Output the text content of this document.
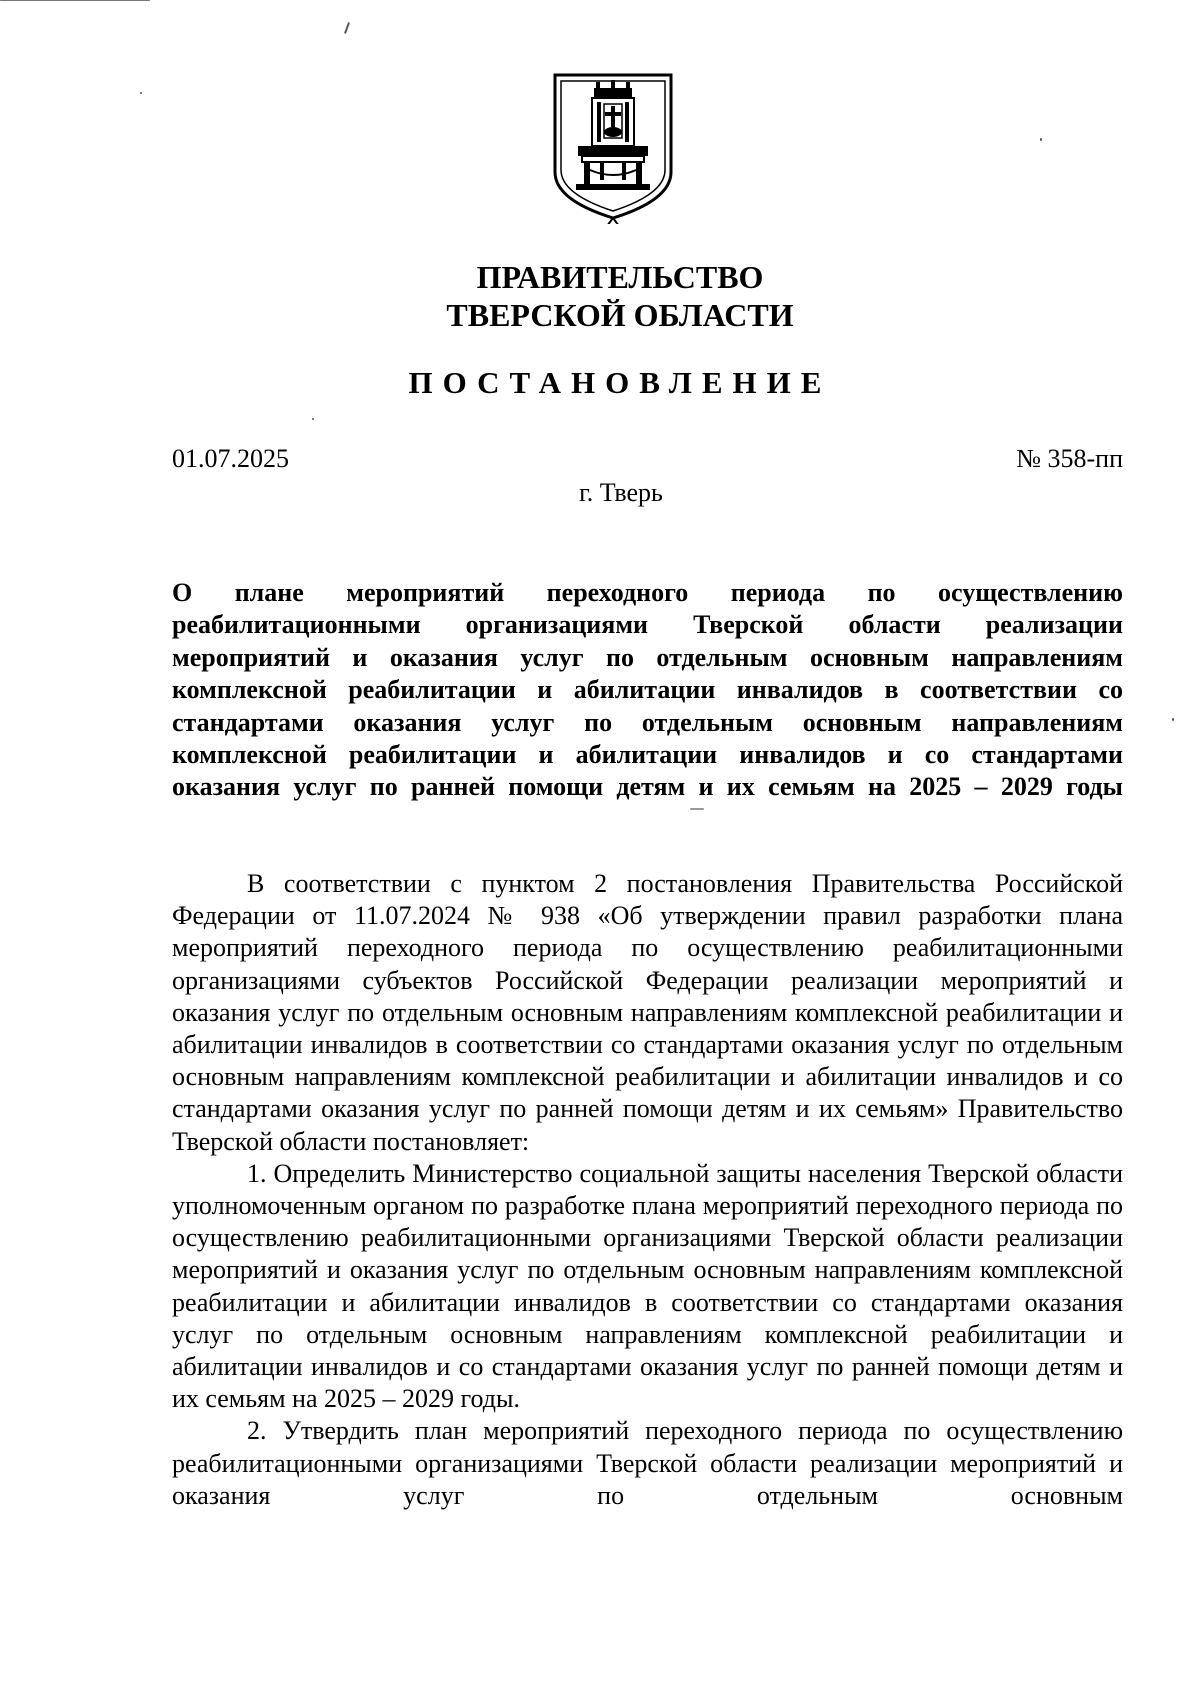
ПРАВИТЕЛЬСТВО
ТВЕРСКОЙ ОБЛАСТИ
ПОСТАНОВЛЕНИЕ
01.07.2025	№ 358-пп
г. Тверь
О плане мероприятий переходного периода по осуществлению реабилитационными организациями Тверской области реализации мероприятий и оказания услуг по отдельным основным направлениям комплексной реабилитации и абилитации инвалидов в соответствии со стандартами оказания услуг по отдельным основным направлениям комплексной реабилитации и абилитации инвалидов и со стандартами оказания услуг по ранней помощи детям и их семьям на 2025 – 2029 годы

В соответствии с пунктом 2 постановления Правительства Российской Федерации от 11.07.2024 № 938 «Об утверждении правил разработки плана мероприятий переходного периода по осуществлению реабилитационными организациями субъектов Российской Федерации реализации мероприятий и оказания услуг по отдельным основным направлениям комплексной реабилитации и абилитации инвалидов в соответствии со стандартами оказания услуг по отдельным основным направлениям комплексной реабилитации и абилитации инвалидов и со стандартами оказания услуг по ранней помощи детям и их семьям» Правительство Тверской области постановляет:

1. Определить Министерство социальной защиты населения Тверской области уполномоченным органом по разработке плана мероприятий переходного периода по осуществлению реабилитационными организациями Тверской области реализации мероприятий и оказания услуг по отдельным основным направлениям комплексной реабилитации и абилитации инвалидов в соответствии со стандартами оказания услуг по отдельным основным направлениям комплексной реабилитации и абилитации инвалидов и со стандартами оказания услуг по ранней помощи детям и их семьям на 2025 – 2029 годы.

2. Утвердить план мероприятий переходного периода по осуществлению реабилитационными организациями Тверской области реализации мероприятий и оказания услуг по отдельным основным
